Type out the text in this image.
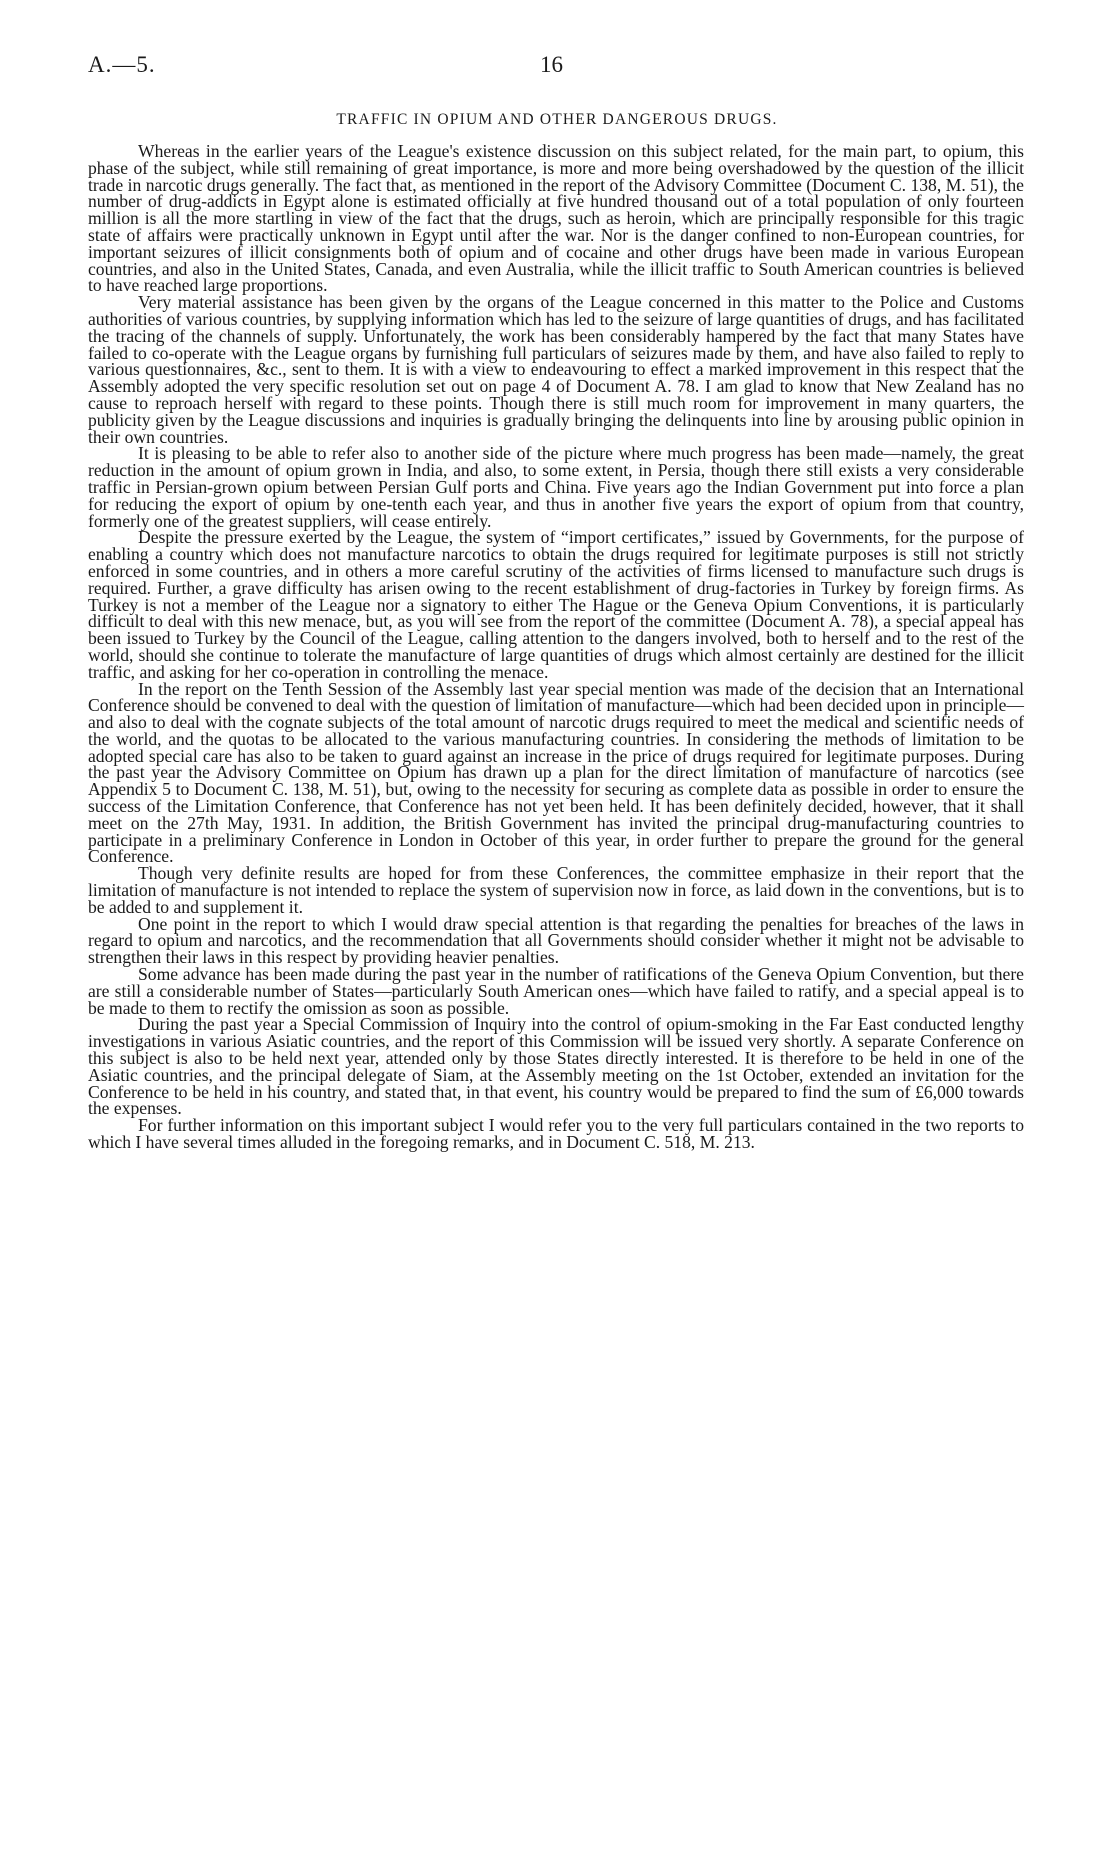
A.—5.	16
TRAFFIC IN OPIUM AND OTHER DANGEROUS DRUGS.

Whereas in the earlier years of the League's existence discussion on this subject related, for the main part, to opium, this phase of the subject, while still remaining of great importance, is more and more being overshadowed by the question of the illicit trade in narcotic drugs generally. The fact that, as mentioned in the report of the Advisory Committee (Document C. 138, M. 51), the number of drug-addicts in Egypt alone is estimated officially at five hundred thousand out of a total population of only fourteen million is all the more startling in view of the fact that the drugs, such as heroin, which are principally responsible for this tragic state of affairs were practically unknown in Egypt until after the war. Nor is the danger confined to non-European countries, for important seizures of illicit consignments both of opium and of cocaine and other drugs have been made in various European countries, and also in the United States, Canada, and even Australia, while the illicit traffic to South American countries is believed to have reached large proportions.

Very material assistance has been given by the organs of the League concerned in this matter to the Police and Customs authorities of various countries, by supplying information which has led to the seizure of large quantities of drugs, and has facilitated the tracing of the channels of supply. Unfortunately, the work has been considerably hampered by the fact that many States have failed to co-operate with the League organs by furnishing full particulars of seizures made by them, and have also failed to reply to various questionnaires, &c., sent to them. It is with a view to endeavouring to effect a marked improvement in this respect that the Assembly adopted the very specific resolution set out on page 4 of Document A. 78. I am glad to know that New Zealand has no cause to reproach herself with regard to these points. Though there is still much room for improvement in many quarters, the publicity given by the League discussions and inquiries is gradually bringing the delinquents into line by arousing public opinion in their own countries.

It is pleasing to be able to refer also to another side of the picture where much progress has been made—namely, the great reduction in the amount of opium grown in India, and also, to some extent, in Persia, though there still exists a very considerable traffic in Persian-grown opium between Persian Gulf ports and China. Five years ago the Indian Government put into force a plan for reducing the export of opium by one-tenth each year, and thus in another five years the export of opium from that country, formerly one of the greatest suppliers, will cease entirely.

Despite the pressure exerted by the League, the system of “import certificates,” issued by Governments, for the purpose of enabling a country which does not manufacture narcotics to obtain the drugs required for legitimate purposes is still not strictly enforced in some countries, and in others a more careful scrutiny of the activities of firms licensed to manufacture such drugs is required. Further, a grave difficulty has arisen owing to the recent establishment of drug-factories in Turkey by foreign firms. As Turkey is not a member of the League nor a signatory to either The Hague or the Geneva Opium Conventions, it is particularly difficult to deal with this new menace, but, as you will see from the report of the committee (Document A. 78), a special appeal has been issued to Turkey by the Council of the League, calling attention to the dangers involved, both to herself and to the rest of the world, should she continue to tolerate the manufacture of large quantities of drugs which almost certainly are destined for the illicit traffic, and asking for her co-operation in controlling the menace.

In the report on the Tenth Session of the Assembly last year special mention was made of the decision that an International Conference should be convened to deal with the question of limitation of manufacture—which had been decided upon in principle—and also to deal with the cognate subjects of the total amount of narcotic drugs required to meet the medical and scientific needs of the world, and the quotas to be allocated to the various manufacturing countries. In considering the methods of limitation to be adopted special care has also to be taken to guard against an increase in the price of drugs required for legitimate purposes. During the past year the Advisory Committee on Opium has drawn up a plan for the direct limitation of manufacture of narcotics (see Appendix 5 to Document C. 138, M. 51), but, owing to the necessity for securing as complete data as possible in order to ensure the success of the Limitation Conference, that Conference has not yet been held. It has been definitely decided, however, that it shall meet on the 27th May, 1931. In addition, the British Government has invited the principal drug-manufacturing countries to participate in a preliminary Conference in London in October of this year, in order further to prepare the ground for the general Conference.

Though very definite results are hoped for from these Conferences, the committee emphasize in their report that the limitation of manufacture is not intended to replace the system of supervision now in force, as laid down in the conventions, but is to be added to and supplement it.

One point in the report to which I would draw special attention is that regarding the penalties for breaches of the laws in regard to opium and narcotics, and the recommendation that all Governments should consider whether it might not be advisable to strengthen their laws in this respect by providing heavier penalties.

Some advance has been made during the past year in the number of ratifications of the Geneva Opium Convention, but there are still a considerable number of States—particularly South American ones—which have failed to ratify, and a special appeal is to be made to them to rectify the omission as soon as possible.

During the past year a Special Commission of Inquiry into the control of opium-smoking in the Far East conducted lengthy investigations in various Asiatic countries, and the report of this Commission will be issued very shortly. A separate Conference on this subject is also to be held next year, attended only by those States directly interested. It is therefore to be held in one of the Asiatic countries, and the principal delegate of Siam, at the Assembly meeting on the 1st October, extended an invitation for the Conference to be held in his country, and stated that, in that event, his country would be prepared to find the sum of £6,000 towards the expenses.

For further information on this important subject I would refer you to the very full particulars contained in the two reports to which I have several times alluded in the foregoing remarks, and in Document C. 518, M. 213.
